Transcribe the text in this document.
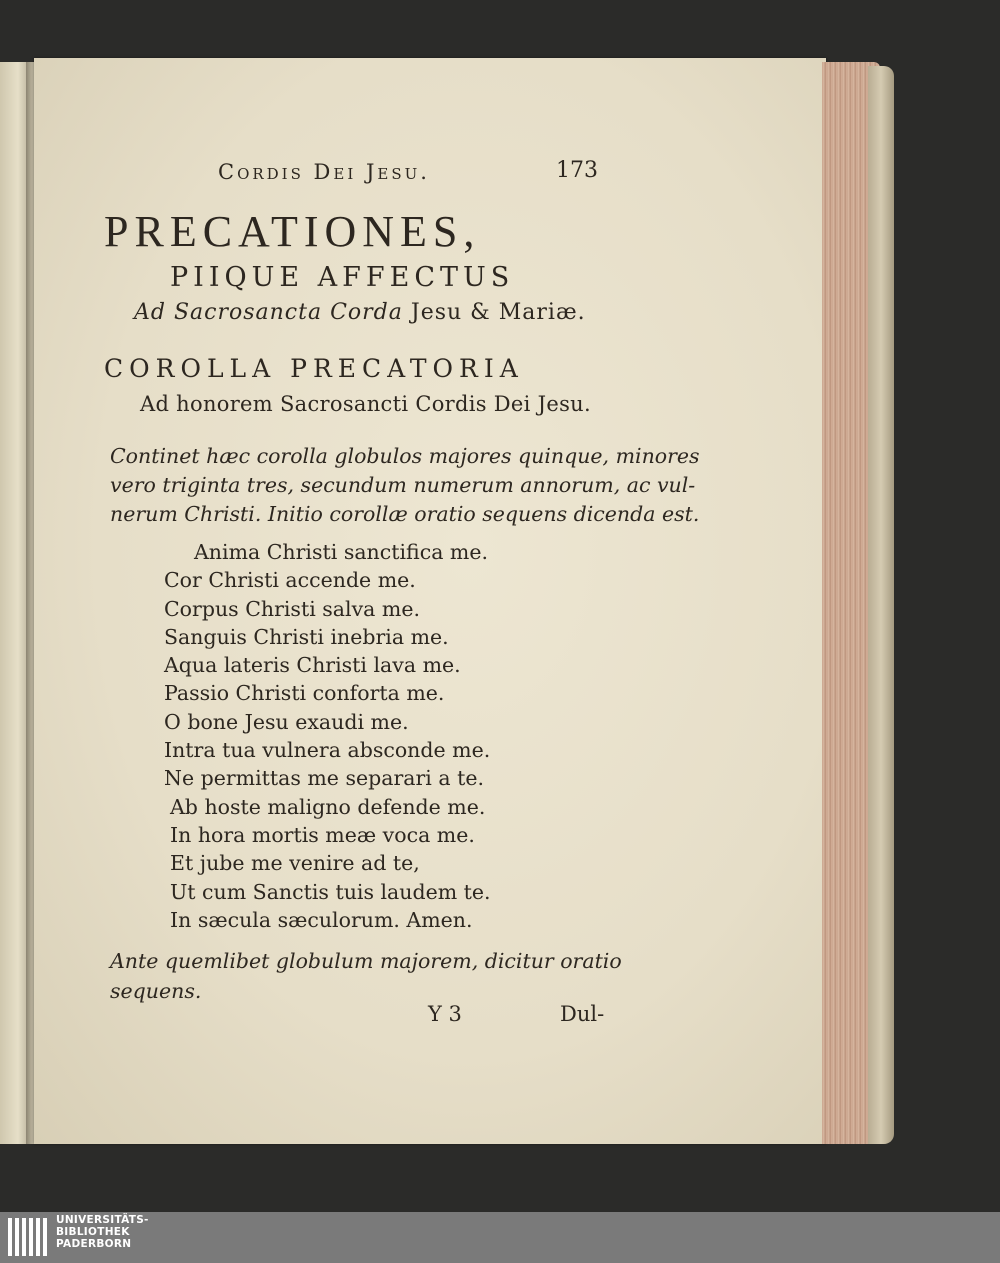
Cordis Dei Jesu.	173
PRECATIONES,
PIIQUE AFFECTUS
Ad Sacrosancta Corda Jesu & Mariæ.
COROLLA PRECATORIA
Ad honorem Sacrosancti Cordis Dei Jesu.
Continet hæc corolla globulos majores quinque, minores
vero triginta tres, secundum numerum annorum, ac vul-
nerum Christi. Initio corollæ oratio sequens dicenda est.
Anima Christi sanctifica me.
Cor Christi accende me.
Corpus Christi salva me.
Sanguis Christi inebria me.
Aqua lateris Christi lava me.
Passio Christi conforta me.
O bone Jesu exaudi me.
Intra tua vulnera absconde me.
Ne permittas me separari a te.
Ab hoste maligno defende me.
In hora mortis meæ voca me.
Et jube me venire ad te,
Ut cum Sanctis tuis laudem te.
In sæcula sæculorum. Amen.
Ante quemlibet globulum majorem, dicitur oratio
sequens.
Y 3	Dul-
UNIVERSITÄTS-
BIBLIOTHEK
PADERBORN
